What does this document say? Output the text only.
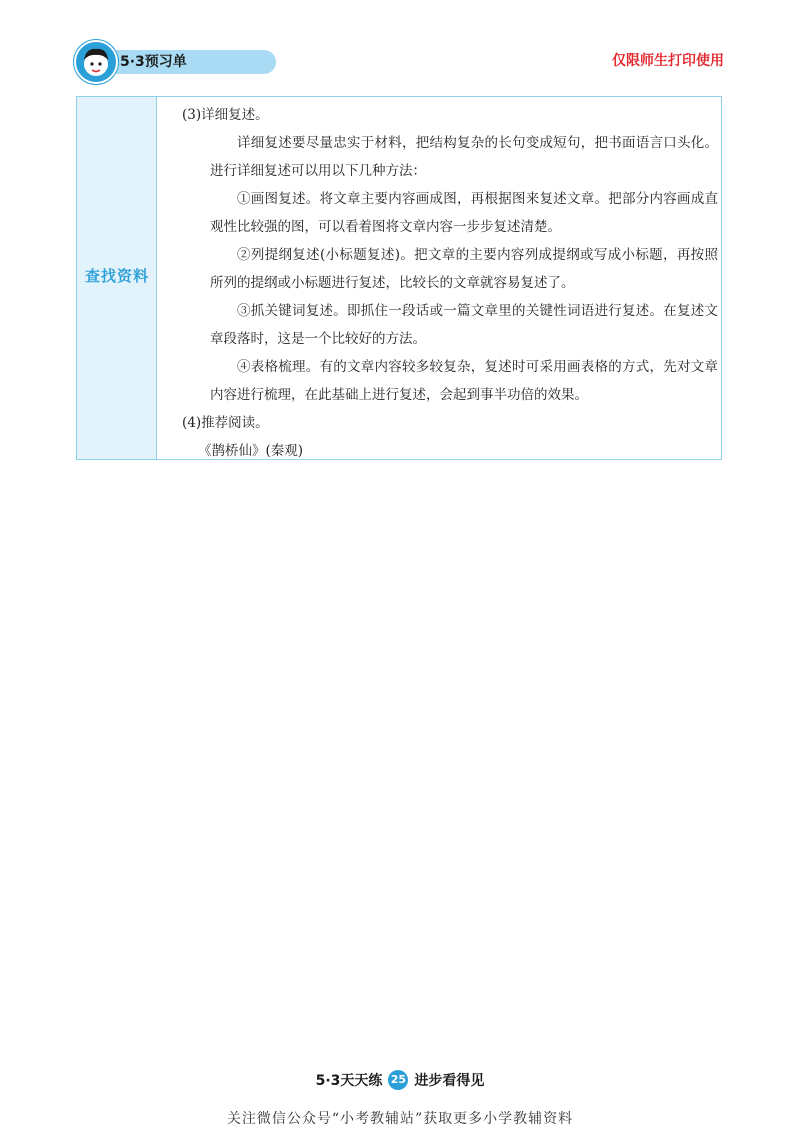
5·3预习单	仅限师生打印使用
查找资料

(3)详细复述。

详细复述要尽量忠实于材料，把结构复杂的长句变成短句，把书面语言口头化。进行详细复述可以用以下几种方法：

①画图复述。将文章主要内容画成图，再根据图来复述文章。把部分内容画成直观性比较强的图，可以看着图将文章内容一步步复述清楚。

②列提纲复述(小标题复述)。把文章的主要内容列成提纲或写成小标题，再按照所列的提纲或小标题进行复述，比较长的文章就容易复述了。

③抓关键词复述。即抓住一段话或一篇文章里的关键性词语进行复述。在复述文章段落时，这是一个比较好的方法。

④表格梳理。有的文章内容较多较复杂，复述时可采用画表格的方式，先对文章内容进行梳理，在此基础上进行复述，会起到事半功倍的效果。

(4)推荐阅读。

《鹊桥仙》(秦观)

5·3天天练 25 进步看得见
关注微信公众号“小考教辅站”获取更多小学教辅资料
